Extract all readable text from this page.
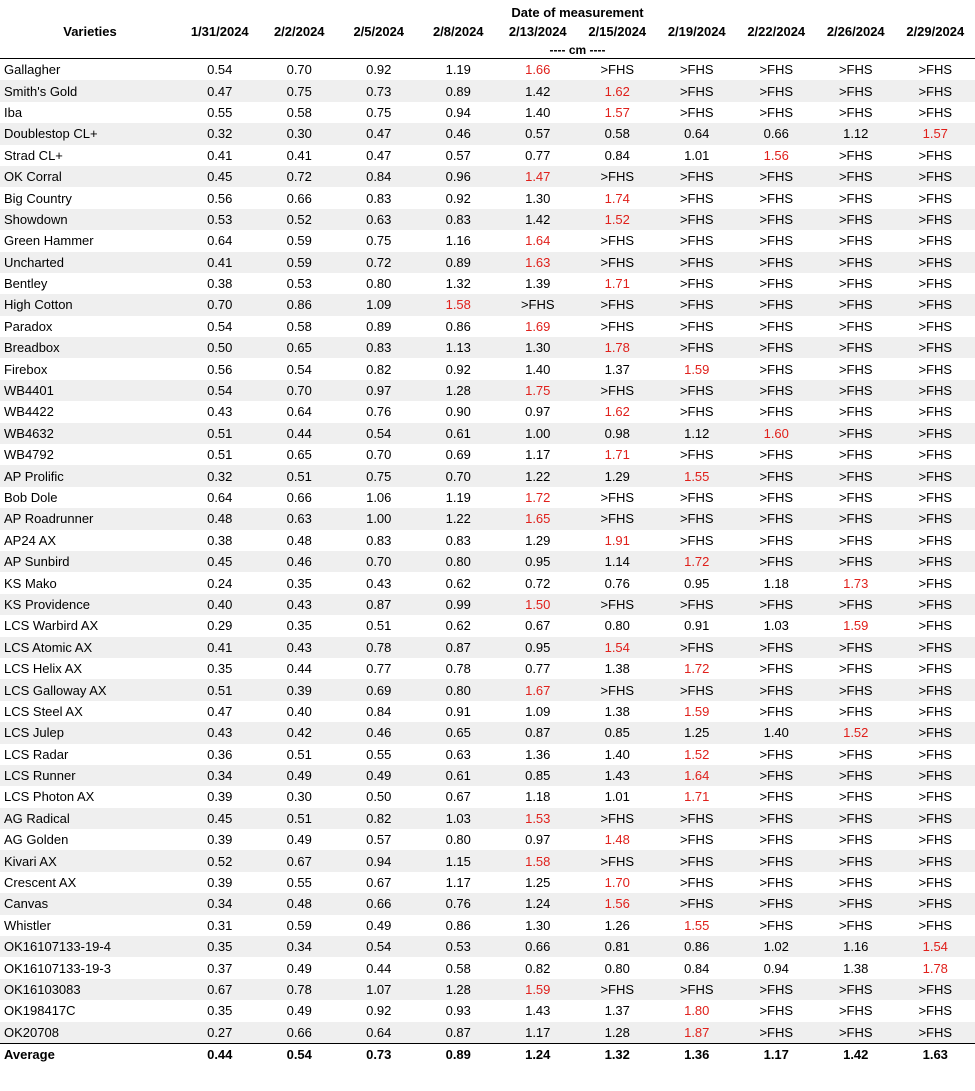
	Date of measurement									
Varieties	1/31/2024	2/2/2024	2/5/2024	2/8/2024	2/13/2024	2/15/2024	2/19/2024	2/22/2024	2/26/2024	2/29/2024
	---- cm ----									
Gallagher	0.54	0.70	0.92	1.19	1.66	>FHS	>FHS	>FHS	>FHS	>FHS
Smith's Gold	0.47	0.75	0.73	0.89	1.42	1.62	>FHS	>FHS	>FHS	>FHS
Iba	0.55	0.58	0.75	0.94	1.40	1.57	>FHS	>FHS	>FHS	>FHS
Doublestop CL+	0.32	0.30	0.47	0.46	0.57	0.58	0.64	0.66	1.12	1.57
Strad CL+	0.41	0.41	0.47	0.57	0.77	0.84	1.01	1.56	>FHS	>FHS
OK Corral	0.45	0.72	0.84	0.96	1.47	>FHS	>FHS	>FHS	>FHS	>FHS
Big Country	0.56	0.66	0.83	0.92	1.30	1.74	>FHS	>FHS	>FHS	>FHS
Showdown	0.53	0.52	0.63	0.83	1.42	1.52	>FHS	>FHS	>FHS	>FHS
Green Hammer	0.64	0.59	0.75	1.16	1.64	>FHS	>FHS	>FHS	>FHS	>FHS
Uncharted	0.41	0.59	0.72	0.89	1.63	>FHS	>FHS	>FHS	>FHS	>FHS
Bentley	0.38	0.53	0.80	1.32	1.39	1.71	>FHS	>FHS	>FHS	>FHS
High Cotton	0.70	0.86	1.09	1.58	>FHS	>FHS	>FHS	>FHS	>FHS	>FHS
Paradox	0.54	0.58	0.89	0.86	1.69	>FHS	>FHS	>FHS	>FHS	>FHS
Breadbox	0.50	0.65	0.83	1.13	1.30	1.78	>FHS	>FHS	>FHS	>FHS
Firebox	0.56	0.54	0.82	0.92	1.40	1.37	1.59	>FHS	>FHS	>FHS
WB4401	0.54	0.70	0.97	1.28	1.75	>FHS	>FHS	>FHS	>FHS	>FHS
WB4422	0.43	0.64	0.76	0.90	0.97	1.62	>FHS	>FHS	>FHS	>FHS
WB4632	0.51	0.44	0.54	0.61	1.00	0.98	1.12	1.60	>FHS	>FHS
WB4792	0.51	0.65	0.70	0.69	1.17	1.71	>FHS	>FHS	>FHS	>FHS
AP Prolific	0.32	0.51	0.75	0.70	1.22	1.29	1.55	>FHS	>FHS	>FHS
Bob Dole	0.64	0.66	1.06	1.19	1.72	>FHS	>FHS	>FHS	>FHS	>FHS
AP Roadrunner	0.48	0.63	1.00	1.22	1.65	>FHS	>FHS	>FHS	>FHS	>FHS
AP24 AX	0.38	0.48	0.83	0.83	1.29	1.91	>FHS	>FHS	>FHS	>FHS
AP Sunbird	0.45	0.46	0.70	0.80	0.95	1.14	1.72	>FHS	>FHS	>FHS
KS Mako	0.24	0.35	0.43	0.62	0.72	0.76	0.95	1.18	1.73	>FHS
KS Providence	0.40	0.43	0.87	0.99	1.50	>FHS	>FHS	>FHS	>FHS	>FHS
LCS Warbird AX	0.29	0.35	0.51	0.62	0.67	0.80	0.91	1.03	1.59	>FHS
LCS Atomic AX	0.41	0.43	0.78	0.87	0.95	1.54	>FHS	>FHS	>FHS	>FHS
LCS Helix AX	0.35	0.44	0.77	0.78	0.77	1.38	1.72	>FHS	>FHS	>FHS
LCS Galloway AX	0.51	0.39	0.69	0.80	1.67	>FHS	>FHS	>FHS	>FHS	>FHS
LCS Steel AX	0.47	0.40	0.84	0.91	1.09	1.38	1.59	>FHS	>FHS	>FHS
LCS Julep	0.43	0.42	0.46	0.65	0.87	0.85	1.25	1.40	1.52	>FHS
LCS Radar	0.36	0.51	0.55	0.63	1.36	1.40	1.52	>FHS	>FHS	>FHS
LCS Runner	0.34	0.49	0.49	0.61	0.85	1.43	1.64	>FHS	>FHS	>FHS
LCS Photon AX	0.39	0.30	0.50	0.67	1.18	1.01	1.71	>FHS	>FHS	>FHS
AG Radical	0.45	0.51	0.82	1.03	1.53	>FHS	>FHS	>FHS	>FHS	>FHS
AG Golden	0.39	0.49	0.57	0.80	0.97	1.48	>FHS	>FHS	>FHS	>FHS
Kivari AX	0.52	0.67	0.94	1.15	1.58	>FHS	>FHS	>FHS	>FHS	>FHS
Crescent AX	0.39	0.55	0.67	1.17	1.25	1.70	>FHS	>FHS	>FHS	>FHS
Canvas	0.34	0.48	0.66	0.76	1.24	1.56	>FHS	>FHS	>FHS	>FHS
Whistler	0.31	0.59	0.49	0.86	1.30	1.26	1.55	>FHS	>FHS	>FHS
OK16107133-19-4	0.35	0.34	0.54	0.53	0.66	0.81	0.86	1.02	1.16	1.54
OK16107133-19-3	0.37	0.49	0.44	0.58	0.82	0.80	0.84	0.94	1.38	1.78
OK16103083	0.67	0.78	1.07	1.28	1.59	>FHS	>FHS	>FHS	>FHS	>FHS
OK198417C	0.35	0.49	0.92	0.93	1.43	1.37	1.80	>FHS	>FHS	>FHS
OK20708	0.27	0.66	0.64	0.87	1.17	1.28	1.87	>FHS	>FHS	>FHS
Average	0.44	0.54	0.73	0.89	1.24	1.32	1.36	1.17	1.42	1.63
